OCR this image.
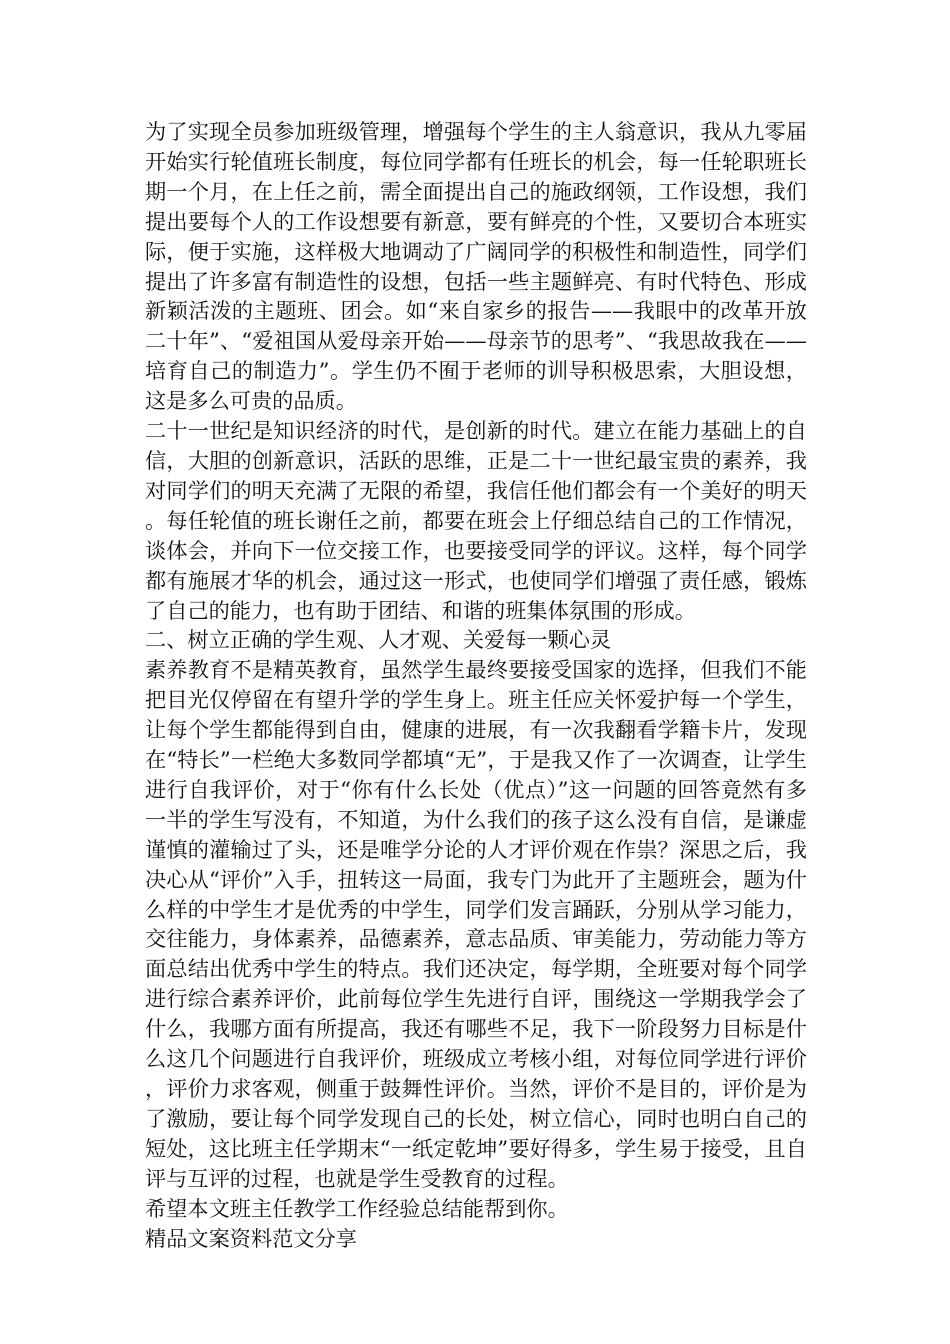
为了实现全员参加班级管理，增强每个学生的主人翁意识，我从九零届开始实行轮值班长制度，每位同学都有任班长的机会，每一任轮职班长期一个月，在上任之前，需全面提出自己的施政纲领，工作设想，我们提出要每个人的工作设想要有新意，要有鲜亮的个性，又要切合本班实际，便于实施，这样极大地调动了广阔同学的积极性和制造性，同学们提出了许多富有制造性的设想，包括一些主题鲜亮、有时代特色、形成新颖活泼的主题班、团会。如“来自家乡的报告——我眼中的改革开放二十年”、“爱祖国从爱母亲开始——母亲节的思考”、“我思故我在——培育自己的制造力”。学生仍不囿于老师的训导积极思索，大胆设想，这是多么可贵的品质。

二十一世纪是知识经济的时代，是创新的时代。建立在能力基础上的自信，大胆的创新意识，活跃的思维，正是二十一世纪最宝贵的素养，我对同学们的明天充满了无限的希望，我信任他们都会有一个美好的明天。每任轮值的班长谢任之前，都要在班会上仔细总结自己的工作情况，谈体会，并向下一位交接工作，也要接受同学的评议。这样，每个同学都有施展才华的机会，通过这一形式，也使同学们增强了责任感，锻炼了自己的能力，也有助于团结、和谐的班集体氛围的形成。

二、树立正确的学生观、人才观、关爱每一颗心灵

素养教育不是精英教育，虽然学生最终要接受国家的选择，但我们不能把目光仅停留在有望升学的学生身上。班主任应关怀爱护每一个学生，让每个学生都能得到自由，健康的进展，有一次我翻看学籍卡片，发现在“特长”一栏绝大多数同学都填“无”，于是我又作了一次调查，让学生进行自我评价，对于“你有什么长处（优点）”这一问题的回答竟然有多一半的学生写没有，不知道，为什么我们的孩子这么没有自信，是谦虚谨慎的灌输过了头，还是唯学分论的人才评价观在作祟？深思之后，我决心从“评价”入手，扭转这一局面，我专门为此开了主题班会，题为什么样的中学生才是优秀的中学生，同学们发言踊跃，分别从学习能力，交往能力，身体素养，品德素养，意志品质、审美能力，劳动能力等方面总结出优秀中学生的特点。我们还决定，每学期，全班要对每个同学进行综合素养评价，此前每位学生先进行自评，围绕这一学期我学会了什么，我哪方面有所提高，我还有哪些不足，我下一阶段努力目标是什么这几个问题进行自我评价，班级成立考核小组，对每位同学进行评价，评价力求客观，侧重于鼓舞性评价。当然，评价不是目的，评价是为了激励，要让每个同学发现自己的长处，树立信心，同时也明白自己的短处，这比班主任学期末“一纸定乾坤”要好得多，学生易于接受，且自评与互评的过程，也就是学生受教育的过程。

希望本文班主任教学工作经验总结能帮到你。

精品文案资料范文分享
